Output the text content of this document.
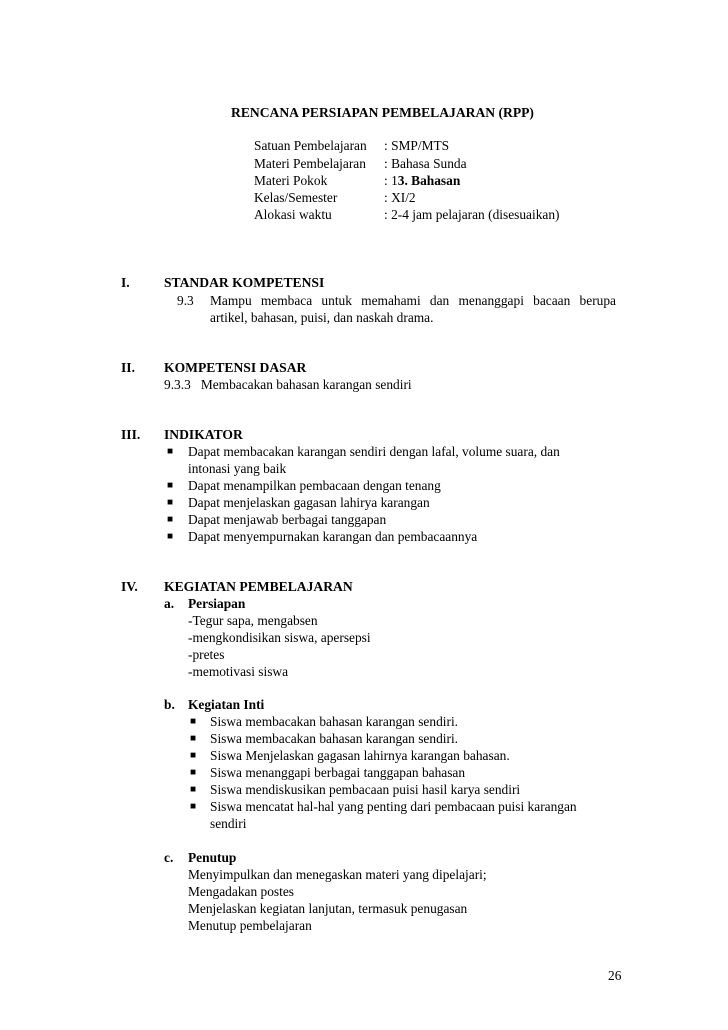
RENCANA PERSIAPAN PEMBELAJARAN (RPP)
Satuan Pembelajaran : SMP/MTS
Materi Pembelajaran : Bahasa Sunda
Materi Pokok	: 13. Bahasan
Kelas/Semester	: XI/2
Alokasi waktu	: 2-4 jam pelajaran (disesuaikan)
I.	STANDAR KOMPETENSI
9.3 Mampu membaca untuk memahami dan menanggapi bacaan berupa
artikel, bahasan, puisi, dan naskah drama.
II. KOMPETENSI DASAR
9.3.3   Membacakan bahasan karangan sendiri
III. INDIKATOR
■ Dapat membacakan karangan sendiri dengan lafal, volume suara, dan
intonasi yang baik
■ Dapat menampilkan pembacaan dengan tenang
■ Dapat menjelaskan gagasan lahirya karangan
■ Dapat menjawab berbagai tanggapan
■ Dapat menyempurnakan karangan dan pembacaannya
IV. KEGIATAN PEMBELAJARAN
a. Persiapan
-Tegur sapa, mengabsen
-mengkondisikan siswa, apersepsi
-pretes
-memotivasi siswa
b. Kegiatan Inti
■ Siswa membacakan bahasan karangan sendiri.
■ Siswa membacakan bahasan karangan sendiri.
■ Siswa Menjelaskan gagasan lahirnya karangan bahasan.
■ Siswa menanggapi berbagai tanggapan bahasan
■ Siswa mendiskusikan pembacaan puisi hasil karya sendiri
■ Siswa mencatat hal-hal yang penting dari pembacaan puisi karangan
sendiri
c. Penutup
Menyimpulkan dan menegaskan materi yang dipelajari;
Mengadakan postes
Menjelaskan kegiatan lanjutan, termasuk penugasan
Menutup pembelajaran
26
